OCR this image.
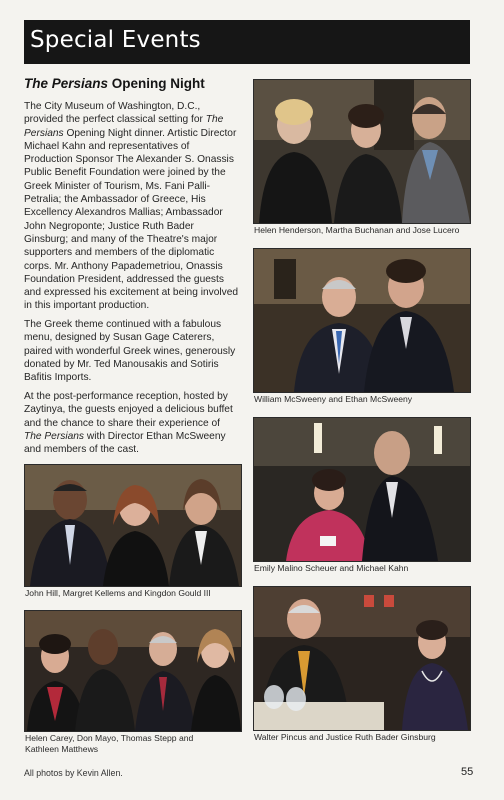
Special Events
The Persians Opening Night

The City Museum of Washington, D.C., provided the perfect classical setting for The Persians Opening Night dinner. Artistic Director Michael Kahn and representatives of Production Sponsor The Alexander S. Onassis Public Benefit Foundation were joined by the Greek Minister of Tourism, Ms. Fani Palli-Petralia; the Ambassador of Greece, His Excellency Alexandros Mallias; Ambassador John Negroponte; Justice Ruth Bader Ginsburg; and many of the Theatre's major supporters and members of the diplomatic corps. Mr. Anthony Papademetriou, Onassis Foundation President, addressed the guests and expressed his excitement at being involved in this important production.

The Greek theme continued with a fabulous menu, designed by Susan Gage Caterers, paired with wonderful Greek wines, generously donated by Mr. Ted Manousakis and Sotiris Bafitis Imports.

At the post-performance reception, hosted by Zaytinya, the guests enjoyed a delicious buffet and the chance to share their experience of The Persians with Director Ethan McSweeny and members of the cast.

Helen Henderson, Martha Buchanan and Jose Lucero
William McSweeny and Ethan McSweeny
Emily Malino Scheuer and Michael Kahn
John Hill, Margret Kellems and Kingdon Gould III
Helen Carey, Don Mayo, Thomas Stepp and Kathleen Matthews
Walter Pincus and Justice Ruth Bader Ginsburg
All photos by Kevin Allen.	55
